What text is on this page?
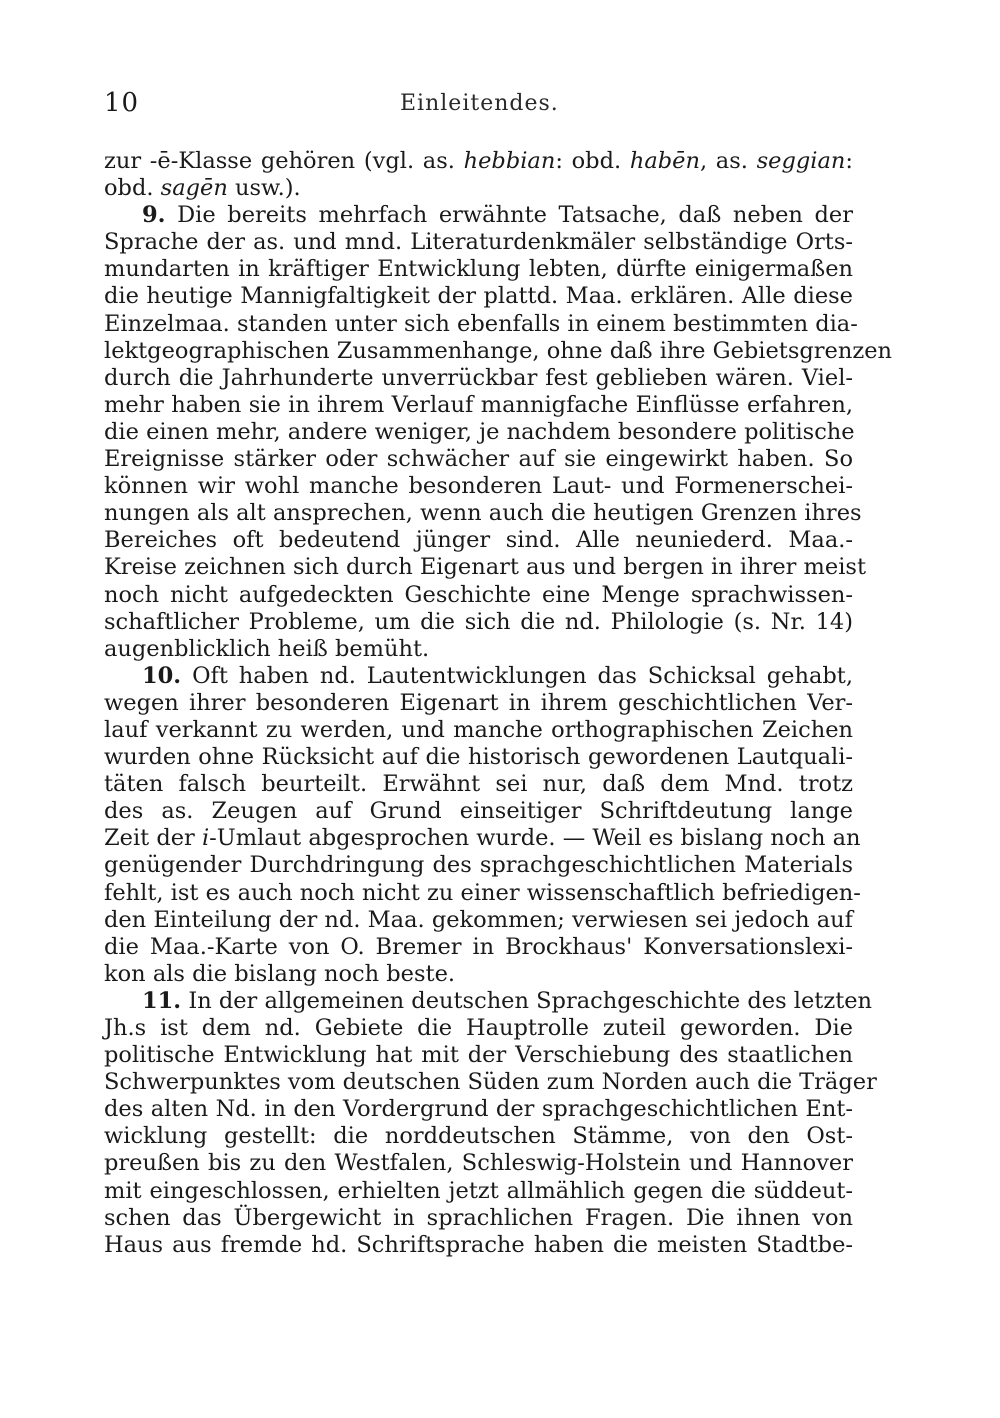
10	Einleitendes.
zur -ē-Klasse gehören (vgl. as. hebbian: obd. habēn, as. seggian:
obd. sagēn usw.).
9. Die bereits mehrfach erwähnte Tatsache, daß neben der
Sprache der as. und mnd. Literaturdenkmäler selbständige Orts-
mundarten in kräftiger Entwicklung lebten, dürfte einigermaßen
die heutige Mannigfaltigkeit der plattd. Maa. erklären. Alle diese
Einzelmaa. standen unter sich ebenfalls in einem bestimmten dia-
lektgeographischen Zusammenhange, ohne daß ihre Gebietsgrenzen
durch die Jahrhunderte unverrückbar fest geblieben wären. Viel-
mehr haben sie in ihrem Verlauf mannigfache Einflüsse erfahren,
die einen mehr, andere weniger, je nachdem besondere politische
Ereignisse stärker oder schwächer auf sie eingewirkt haben. So
können wir wohl manche besonderen Laut- und Formenerschei-
nungen als alt ansprechen, wenn auch die heutigen Grenzen ihres
Bereiches oft bedeutend jünger sind. Alle neuniederd. Maa.-
Kreise zeichnen sich durch Eigenart aus und bergen in ihrer meist
noch nicht aufgedeckten Geschichte eine Menge sprachwissen-
schaftlicher Probleme, um die sich die nd. Philologie (s. Nr. 14)
augenblicklich heiß bemüht.
10. Oft haben nd. Lautentwicklungen das Schicksal gehabt,
wegen ihrer besonderen Eigenart in ihrem geschichtlichen Ver-
lauf verkannt zu werden, und manche orthographischen Zeichen
wurden ohne Rücksicht auf die historisch gewordenen Lautquali-
täten falsch beurteilt. Erwähnt sei nur, daß dem Mnd. trotz
des as. Zeugen auf Grund einseitiger Schriftdeutung lange
Zeit der i-Umlaut abgesprochen wurde. — Weil es bislang noch an
genügender Durchdringung des sprachgeschichtlichen Materials
fehlt, ist es auch noch nicht zu einer wissenschaftlich befriedigen-
den Einteilung der nd. Maa. gekommen; verwiesen sei jedoch auf
die Maa.-Karte von O. Bremer in Brockhaus' Konversationslexi-
kon als die bislang noch beste.
11. In der allgemeinen deutschen Sprachgeschichte des letzten
Jh.s ist dem nd. Gebiete die Hauptrolle zuteil geworden. Die
politische Entwicklung hat mit der Verschiebung des staatlichen
Schwerpunktes vom deutschen Süden zum Norden auch die Träger
des alten Nd. in den Vordergrund der sprachgeschichtlichen Ent-
wicklung gestellt: die norddeutschen Stämme, von den Ost-
preußen bis zu den Westfalen, Schleswig-Holstein und Hannover
mit eingeschlossen, erhielten jetzt allmählich gegen die süddeut-
schen das Übergewicht in sprachlichen Fragen. Die ihnen von
Haus aus fremde hd. Schriftsprache haben die meisten Stadtbe-
